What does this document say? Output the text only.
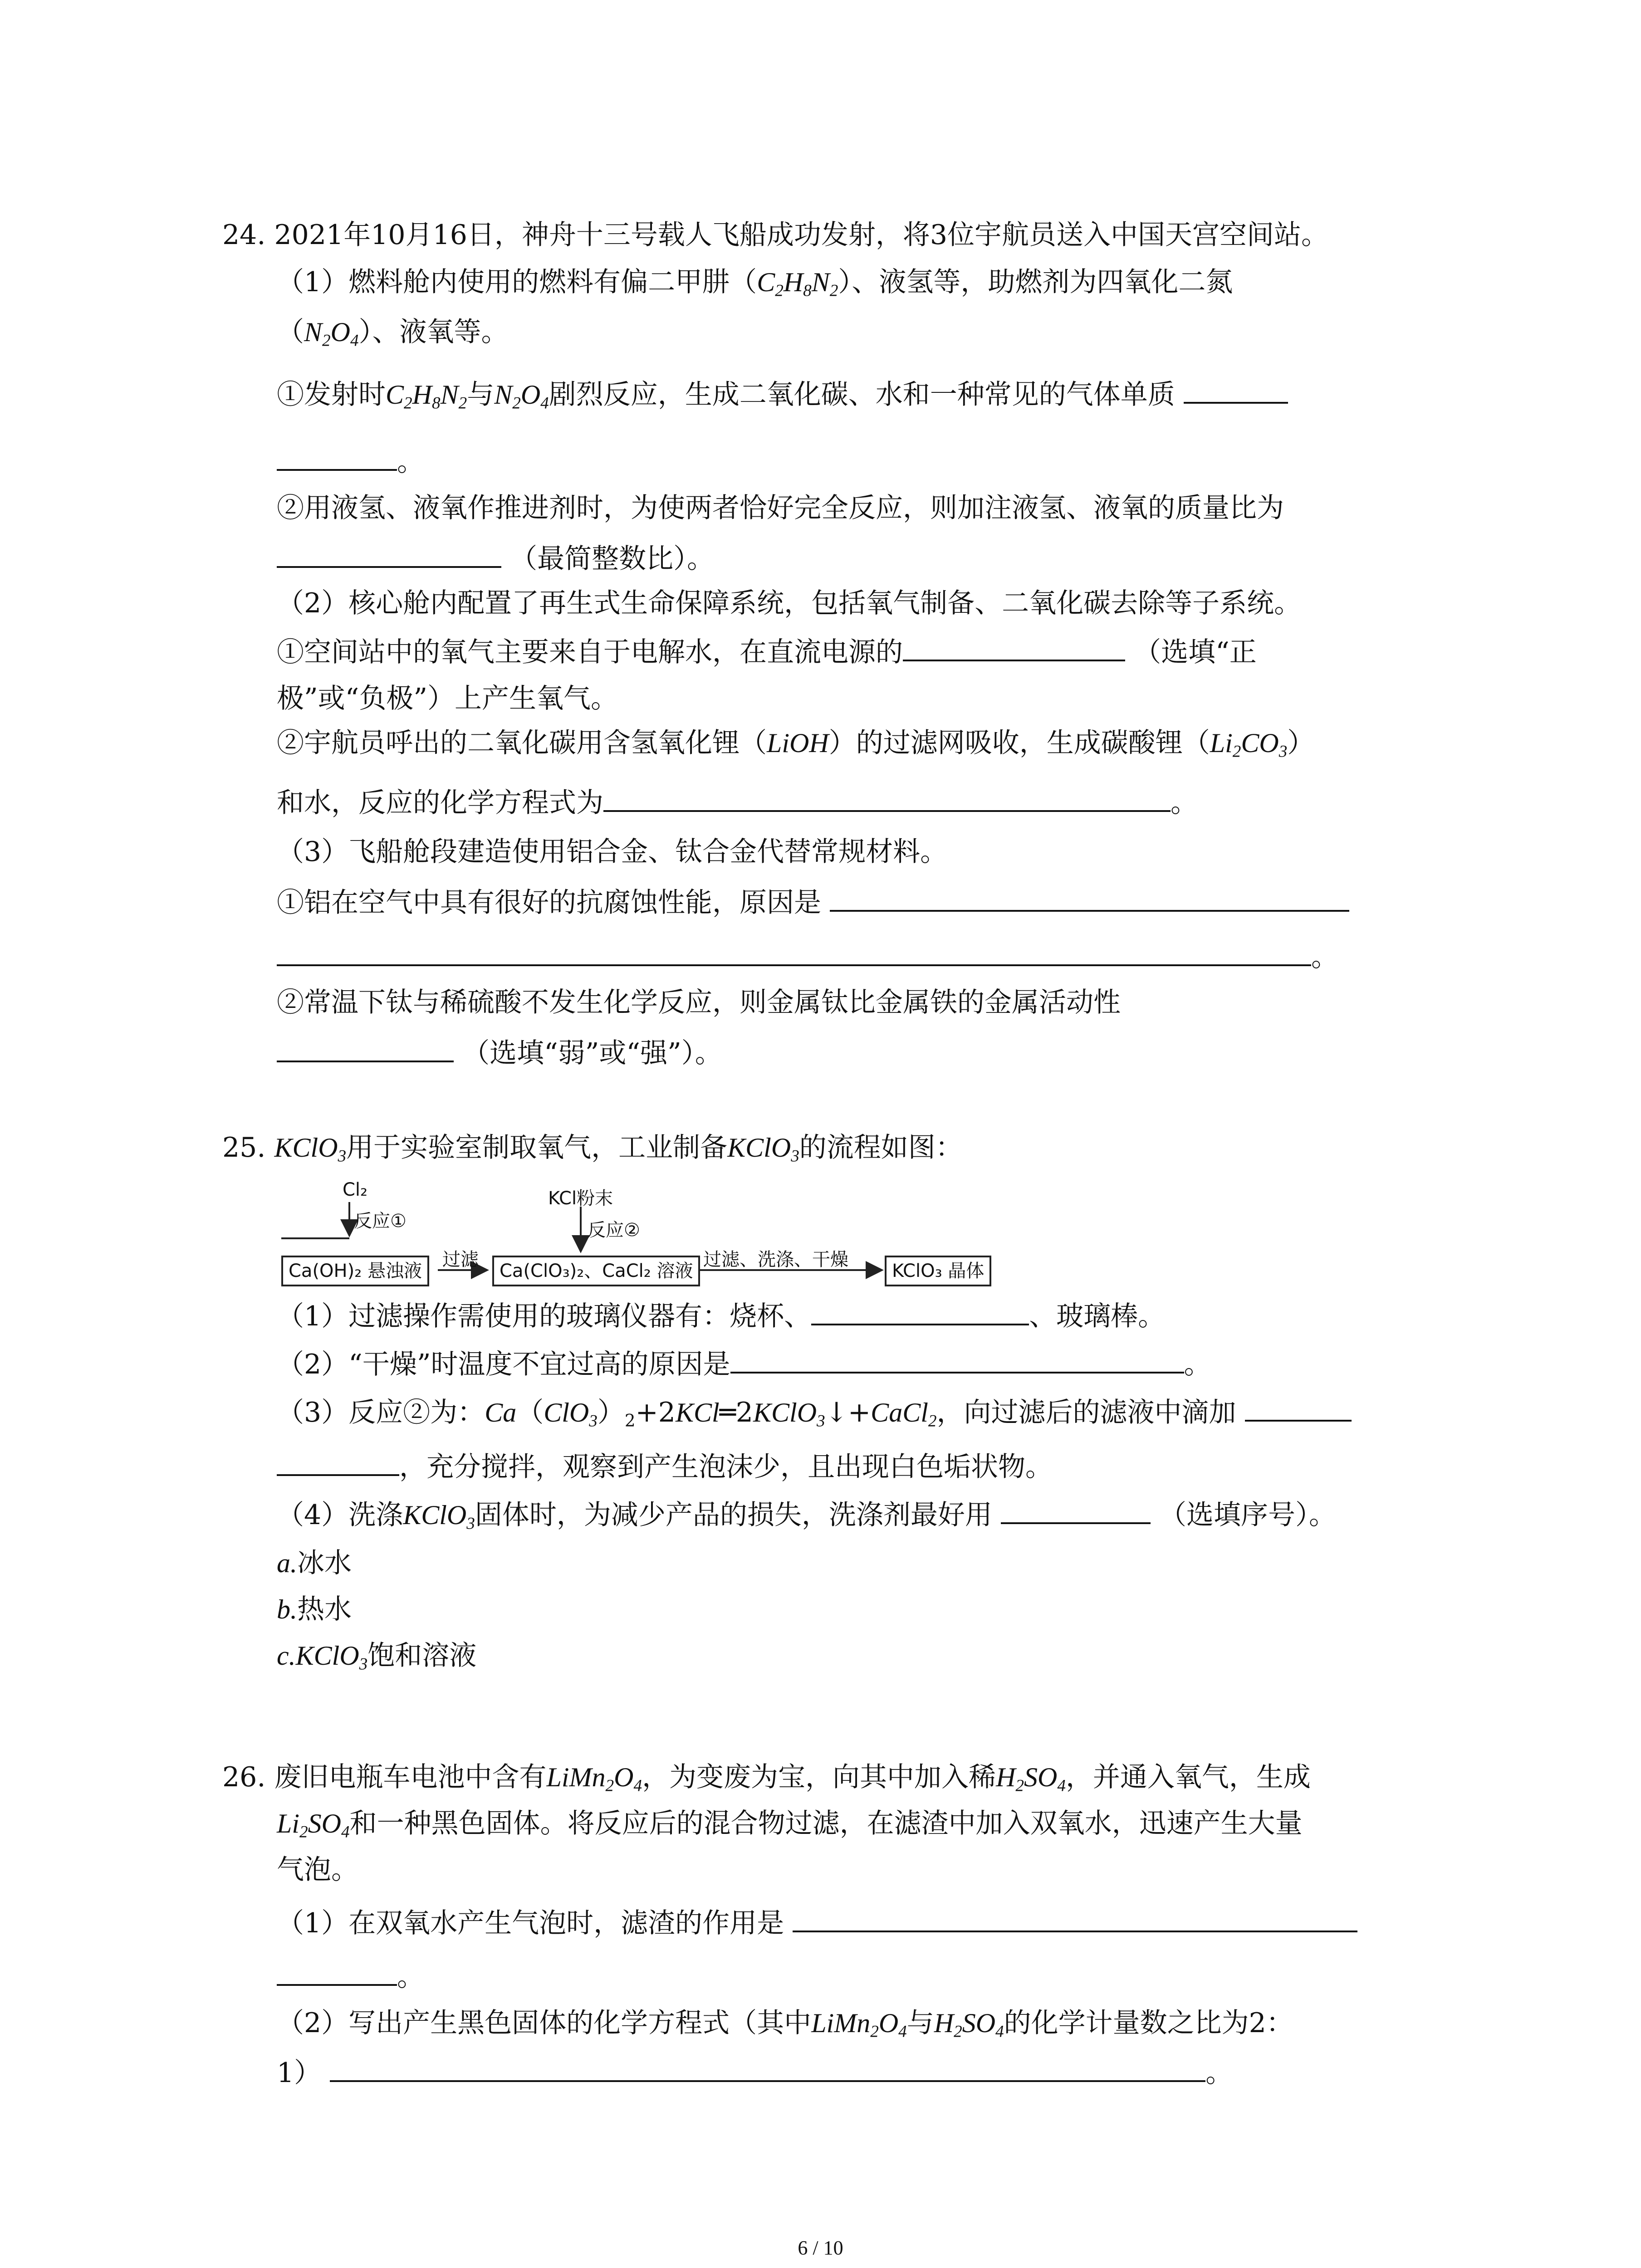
24. 2021年10月16日，神舟十三号载人飞船成功发射，将3位宇航员送入中国天宫空间站。
（1）燃料舱内使用的燃料有偏二甲肼$(C_2H_8N_2)$、液氢等，助燃剂为四氧化二氮
$(N_2O_4)$、液氧等。
①发射时$C_2H_8N_2$与$N_2O_4$剧烈反应，生成二氧化碳、水和一种常见的气体单质
。
②用液氢、液氧作推进剂时，为使两者恰好完全反应，则加注液氢、液氧的质量比为
（最简整数比）。
（2）核心舱内配置了再生式生命保障系统，包括氧气制备、二氧化碳去除等子系统。
①空间站中的氧气主要来自于电解水，在直流电源的	（选填“正
极”或“负极”）上产生氧气。
②宇航员呼出的二氧化碳用含氢氧化锂（LiOH）的过滤网吸收，生成碳酸锂$(Li_2CO_3)$
和水，反应的化学方程式为	。
（3）飞船舱段建造使用铝合金、钛合金代替常规材料。
①铝在空气中具有很好的抗腐蚀性能，原因是
。
②常温下钛与稀硫酸不发生化学反应，则金属钛比金属铁的金属活动性
（选填“弱”或“强”）。
25. KClO$_3$用于实验室制取氧气，工业制备KClO$_3$的流程如图：
Cl₂
反应①
KCl粉末
反应②
Ca(OH)₂ 悬浊液
过滤
Ca(ClO₃)₂、CaCl₂ 溶液
过滤、洗涤、干燥
KClO₃ 晶体
（1）过滤操作需使用的玻璃仪器有：烧杯、	、玻璃棒。
（2）“干燥”时温度不宜过高的原因是	。
（3）反应②为：$Ca(ClO_3)_2+2KCl═2KClO_3↓+CaCl_2$，向过滤后的滤液中滴加
，充分搅拌，观察到产生泡沫少，且出现白色垢状物。
（4）洗涤KClO$_3$固体时，为减少产品的损失，洗涤剂最好用	（选填序号）。
a.冰水
b.热水
c.KClO$_3$饱和溶液
26. 废旧电瓶车电池中含有$LiMn_2O_4$，为变废为宝，向其中加入稀$H_2SO_4$，并通入氧气，生成
$Li_2SO_4$和一种黑色固体。将反应后的混合物过滤，在滤渣中加入双氧水，迅速产生大量
气泡。
（1）在双氧水产生气泡时，滤渣的作用是
。
（2）写出产生黑色固体的化学方程式（其中$LiMn_2O_4$与$H_2SO_4$的化学计量数之比为2：
1）	。
6 / 10
